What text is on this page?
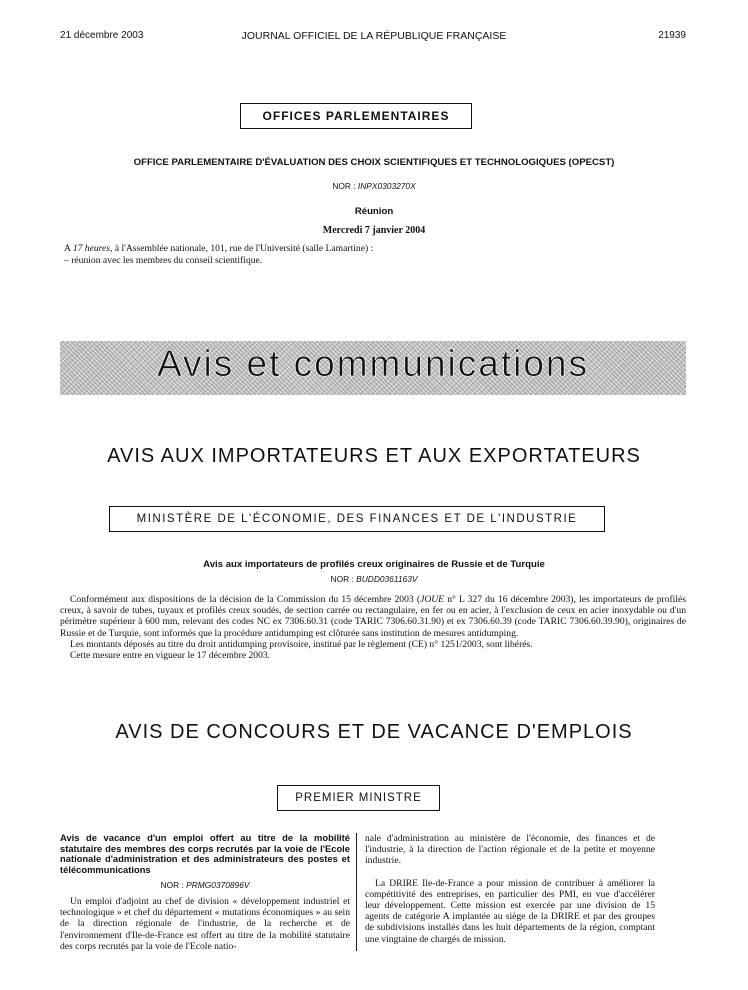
21 décembre 2003	JOURNAL OFFICIEL DE LA RÉPUBLIQUE FRANÇAISE	21939
OFFICES PARLEMENTAIRES
OFFICE PARLEMENTAIRE D'ÉVALUATION DES CHOIX SCIENTIFIQUES ET TECHNOLOGIQUES (OPECST)
NOR : INPX0303270X
Réunion
Mercredi 7 janvier 2004
A 17 heures, à l'Assemblée nationale, 101, rue de l'Université (salle Lamartine) :
– réunion avec les membres du conseil scientifique.
Avis et communications
AVIS AUX IMPORTATEURS ET AUX EXPORTATEURS
MINISTÈRE DE L'ÉCONOMIE, DES FINANCES ET DE L'INDUSTRIE
Avis aux importateurs de profilés creux originaires de Russie et de Turquie
NOR : BUDD0361163V

Conformément aux dispositions de la décision de la Commission du 15 décembre 2003 (JOUE n° L 327 du 16 décembre 2003), les importateurs de profilés creux, à savoir de tubes, tuyaux et profilés creux soudés, de section carrée ou rectangulaire, en fer ou en acier, à l'exclusion de ceux en acier inoxydable ou d'un périmètre supérieur à 600 mm, relevant des codes NC ex 7306.60.31 (code TARIC 7306.60.31.90) et ex 7306.60.39 (code TARIC 7306.60.39.90), originaires de Russie et de Turquie, sont informés que la procédure antidumping est clôturée sans institution de mesures antidumping.

Les montants déposés au titre du droit antidumping provisoire, institué par le règlement (CE) n° 1251/2003, sont libérés.

Cette mesure entre en vigueur le 17 décembre 2003.

AVIS DE CONCOURS ET DE VACANCE D'EMPLOIS
PREMIER MINISTRE
Avis de vacance d'un emploi offert au titre de la mobilité statutaire des membres des corps recrutés par la voie de l'Ecole nationale d'administration et des administrateurs des postes et télécommunications
NOR : PRMG0370896V

Un emploi d'adjoint au chef de division « développement industriel et technologique » et chef du département « mutations économiques » au sein de la direction régionale de l'industrie, de la recherche et de l'environnement d'Ile-de-France est offert au titre de la mobilité statutaire des corps recrutés par la voie de l'Ecole natio-

nale d'administration au ministère de l'économie, des finances et de l'industrie, à la direction de l'action régionale et de la petite et moyenne industrie.

La DRIRE Ile-de-France a pour mission de contribuer à améliorer la compétitivité des entreprises, en particulier des PMI, en vue d'accélérer leur développement. Cette mission est exercée par une division de 15 agents de catégorie A implantée au siège de la DRIRE et par des groupes de subdivisions installés dans les huit départements de la région, comptant une vingtaine de chargés de mission.
